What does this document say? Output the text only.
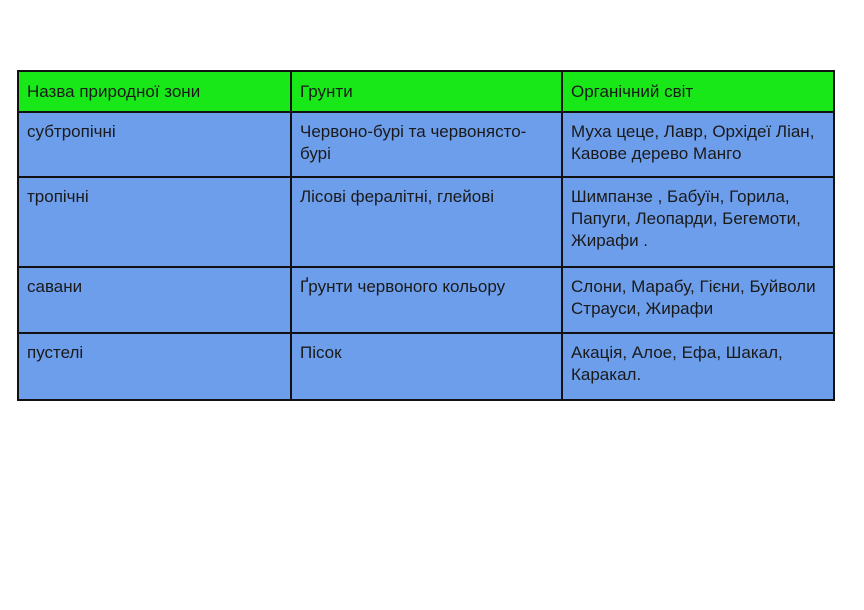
Назва природної зони	Грунти	Органічний світ
субтропічні	Червоно-бурі та червонясто-бурі	Муха цеце, Лавр, Орхідеї Ліан, Кавове дерево Манго
тропічні	Лісові фералітні, глейові	Шимпанзе , Бабуїн, Горила, Папуги, Леопарди, Бегемоти, Жирафи .
савани	Ґрунти червоного кольору	Слони, Марабу, Гієни, Буйволи Страуси, Жирафи
пустелі	Пісок	Акація, Алое, Ефа, Шакал, Каракал.
